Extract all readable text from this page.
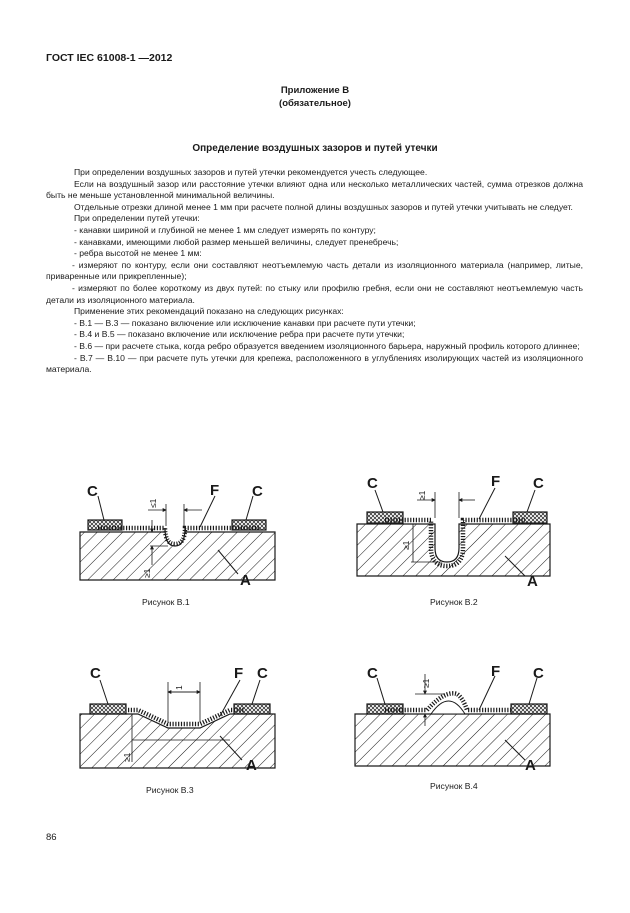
ГОСТ IEC 61008-1 —2012
Приложение В
(обязательное)
Определение воздушных зазоров и путей утечки

При определении воздушных зазоров и путей утечки рекомендуется учесть следующее.

Если на воздушный зазор или расстояние утечки влияют одна или несколько металлических частей, сумма отрезков должна быть не меньше установленной минимальной величины.

Отдельные отрезки длиной менее 1 мм при расчете полной длины воздушных зазоров и путей утечки учитывать не следует.

При определении путей утечки:

- канавки шириной и глубиной не менее 1 мм следует измерять по контуру;

- канавками, имеющими любой размер меньшей величины, следует пренебречь;

- ребра высотой не менее 1 мм:

- измеряют по контуру, если они составляют неотъемлемую часть детали из изоляционного материала (например, литые, приваренные или прикрепленные);

- измеряют по более короткому из двух путей: по стыку или профилю гребня, если они не составляют неотъемлемую часть детали из изоляционного материала.

Применение этих рекомендаций показано на следующих рисунках:

- В.1 — В.3 — показано включение или исключение канавки при расчете пути утечки;

- В.4 и В.5 — показано включение или исключение ребра при расчете пути утечки;

- В.6 — при расчете стыка, когда ребро образуется введением изоляционного барьера, наружный профиль которого длиннее;

- В.7 — В.10 — при расчете путь утечки для крепежа, расположенного в углублениях изолирующих частей из изоляционного материала.

≤1
≥1
C	C
F
A
Рисунок В.1
≥1
≥1
C	C
F
A
Рисунок В.2
1
≥1
C	C
F
A
Рисунок В.3
≥1
C	C
F
A
Рисунок В.4
86
